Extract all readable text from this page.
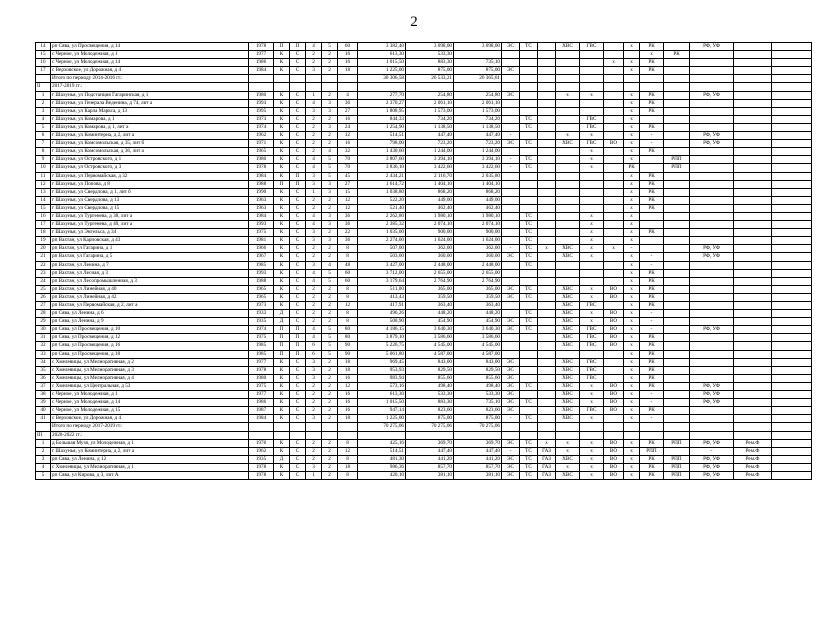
2
14	рп Сява, ул Просвещения, д 14	1978	П	П	4	5	60	3 382,40	3 098,00	3 098,00	ЭС	ТС		ХВС	ГВС		х	РК		РФ, УФ		
15	с Черное, ул Молодежная, д 1	1977	К	С	2	2	16	613,30	533,30									х	РК			
16	с Черное, ул Молодежная, д 14	1986	К	С	2	2	16	1 015,50	883,30	735,10						х	х	РК				
17	с Верховское, ул Дорожная, д 4	1984	К	С	3	2	18	1 225,00	875,00	875,00	ЭС						х	РК				
	Итого по периоду 2014-2016 гг.:							30 306,58	26 533,21	26 365,01												
II	2017-2019 гг.:																					
1	г Шахунья, ул Подстанция Гагаринская, д 1	1980	К	С	1	2	4	277,70	254,80	254,80	ЭС			х	х		х	РК		РФ, УФ		
2	г Шахунья, ул Генерала Веденина, д 74, лит а	1993	К	С	4	3	36	2 370,27	2 061,10	2 061,10							х	РК				
3	г Шахунья, ул Карла Маркса, д 13	1995	К	С	3	3	27	1 808,95	1 573,00	1 573,00							х	РК				
4	г Шахунья, ул Комарова, д 1	1973	К	С	2	2	16	844,33	734,20	734,20		ТС			ГВС		х					
5	г Шахунья, ул Комарова, д 1, лит а	1974	К	С	2	3	24	1 254,90	1 138,50	1 138,50		ТС			ГВС		х	РК				
6	г Шахунья, ул Коминтерна, д 2, лит а	1962	К	С	2	2	12	514,51	447,40	447,40	-			х	х		х	-		РФ, УФ		
7	г Шахунья, ул Комсомольская, д 35, лит б	1971	К	С	2	2	16	798,00	723,20	723,20	ЭС	ТС		ХВС	ГВС	ВО	х	-		РФ, УФ		
8	г Шахунья, ул Комсомольская, д 36, лит а	1965	К	С	2	4	32	1 430,60	1 244,00	1 244,00					х		х	РК				
9	г Шахунья, ул Островского, д 1	1980	К	С	4	5	70	3 807,60	3 394,10	3 394,10	-	ТС			х		х		РПП			
10	г Шахунья, ул Островского, д 3	1978	К	С	4	5	70	3 836,10	3 422,60	3 422,60	-	ТС			х		РК		РПП			
11	г Шахунья, ул Первомайская, д 32	1984	К	П	3	5	45	2 434,21	2 116,70	2 035,80							х	РК				
12	г Шахунья, ул Попова, д 8	1988	П	П	3	3	27	1 614,72	1 404,10	1 404,10							х	РК				
13	г Шахунья, ул Свердлова, д 1, лит б	1990	К	С	1	3	15	1 038,80	868,20	868,20							х	РК				
14	г Шахунья, ул Свердлова, д 13	1963	К	С	2	2	12	522,20	449,00	449,00							х	РК				
15	г Шахунья, ул Свердлова, д 15	1963	К	С	2	2	12	521,40	462,40	462,40							х	РК				
16	г Шахунья, ул Тургенева, д 38, лит а	1984	К	С	4	3	36	2 262,80	1 980,10	1 980,10		ТС			х		х					
17	г Шахунья, ул Тургенева, д 40, лит а	1993	К	С	4	3	36	2 385,32	2 074,10	2 074,10		ТС			х		х					
18	г Шахунья, ул Энгельса, д 34	1975	К	С	3	2	22	1 035,00	900,00	900,00		ТС			х		х	РК				
19	рп Вахтан, ул Карповская, д 43	1981	К	С	3	3	36	2 274,00	1 624,00	1 624,00		ТС			х		х					
20	рп Вахтан, ул Гагарина, д 1	1966	К	С	2	2	8	507,00	362,00	362,00	-	ТС	х	ХВС	х	х	-			РФ, УФ		
21	рп Вахтан, ул Гагарина, д 5	1967	К	С	2	2	8	503,00	360,00	360,00	ЭС	ТС		ХВС	х		х	-		РФ, УФ		
22	рп Вахтан, ул Ленина, д 7	1985	К	С	3	4	48	3 427,00	2 448,00	2 448,00		ТС					х	-				
23	рп Вахтан, ул Лесная, д 3	1993	К	С	4	5	60	3 712,00	2 655,00	2 655,00							х	РК				
24	рп Вахтан, ул Лесопромышленная, д 3	1988	К	С	4	5	60	3 179,64	2 764,90	2 764,90							х	РК				
25	рп Вахтан, ул Линейная, д 40	1965	К	С	2	2	8	511,00	365,00	365,00	ЭС	ТС		ХВС	х	ВО	х	РК				
26	рп Вахтан, ул Линейная, д 42	1965	К	С	2	2	8	413,43	359,50	359,50	ЭС	ТС		ХВС	х	ВО	х	РК				
27	рп Вахтан, ул Первомайская, д 2, лит а	1973	К	С	2	2	12	417,91	363,40	363,40				ХВС	ГВС		х	РК				
28	рп Сява, ул Ленина, д 6	1933	Д	С	2	2	8	496,26	448,20	448,20		ТС		ХВС	х	ВО	х	-				
29	рп Сява, ул Ленина, д 9	1935	Д	С	2	2	8	500,90	454,90	454,90	ЭС	ТС		ХВС	х	ВО	х	-				
30	рп Сява, ул Просвещения, д 10	1974	П	П	4	5	80	4 186,15	3 640,30	3 640,30	ЭС	ТС		ХВС	ГВС	ВО	х	-		РФ, УФ		
31	рп Сява, ул Просвещения, д 12	1975	П	П	4	5	80	3 879,10	3 586,60	3 586,60				ХВС	ГВС	ВО	х	РК				
32	рп Сява, ул Просвещения, д 16	1985	П	П	6	5	90	5 226,75	4 545,00	4 545,00				ХВС	ГВС	ВО	х	РК				
33	рп Сява, ул Просвещения, д 18	1985	П	П	6	5	90	5 061,80	4 587,00	4 587,00							х	РК				
34	с Хмелевицы, ул Мелиоративная, д 2	1977	К	С	3	2	18	969,45	843,00	843,00	ЭС			ХВС	ГВС		х	РК				
35	с Хмелевицы, ул Мелиоративная, д 3	1978	К	С	3	2	18	953,93	829,50	829,50	ЭС			ХВС	ГВС		х	РК				
36	с Хмелевицы, ул Мелиоративная, д 4	1980	К	С	3	2	16	983,94	855,60	855,60	ЭС			ХВС	ГВС		х	РК				
37	с Хмелевицы, ул Центральная, д 53	1975	К	С	2	2	12	573,16	498,40	498,40	ЭС	ТС		ХВС	х	ВО	х	РК		РФ, УФ		
38	с Черное, ул Молодежная, д 1	1977	К	С	2	2	16	613,30	533,30	533,30	ЭС			ХВС	х	ВО	х	-		РФ, УФ		
39	с Черное, ул Молодежная, д 14	1986	К	С	2	2	16	1 015,50	883,30	735,10	ЭС	ТС		ХВС	х	ВО	х	-		РФ, УФ		
40	с Черное, ул Молодежная, д 15	1987	К	С	2	2	16	947,14	823,60	823,60	ЭС			ХВС	ГВС	ВО	х	РК				
41	с Верховское, ул Дорожная, д 4	1984	К	С	3	2	18	1 225,00	875,00	875,00	-	ТС		ХВС	х		х	-				
	Итого по периоду 2017-2019 гг.:							70 275,06	70 275,06	70 275,06												
III	2020-2022 гг.:																					
1	д Большая Музя, ул Молодежная, д 1	1976	К	С	2	2	8	425,16	369,70	369,70	ЭС	ТС	х	х	х	ВО	х	РК	РПП	РФ, УФ	Рем.Ф	
2	г Шахунья, ул Коминтерна, д 2, лит а	1962	К	С	2	2	12	514,51	447,40	447,40	-	ТС	ГАЗ	х	х	ВО	х	РПП		-	Рем.Ф	
3	рп Сява, ул Ленина, д 12	1935	Д	С	2	2	8	481,30	441,20	441,20	ЭС	ТС	ГАЗ	ХВС	х	ВО	х	РК	РПП	РФ, УФ	Рем.Ф	
4	с Хмелевицы, ул Мелиоративная, д 1	1978	К	С	3	2	18	986,36	857,70	857,70	ЭС	ТС	ГАЗ	х	х	ВО	х	РК	РПП	РФ, УФ	Рем.Ф	
5	рп Сява, ул Кирова, д 3, лит А	1978	К	С	1	2	8	420,10	381,10	381,10	ЭС	ТС	ГАЗ	ХВС	х	ВО	х	РК	РПП	РФ, УФ	Рем.Ф	
